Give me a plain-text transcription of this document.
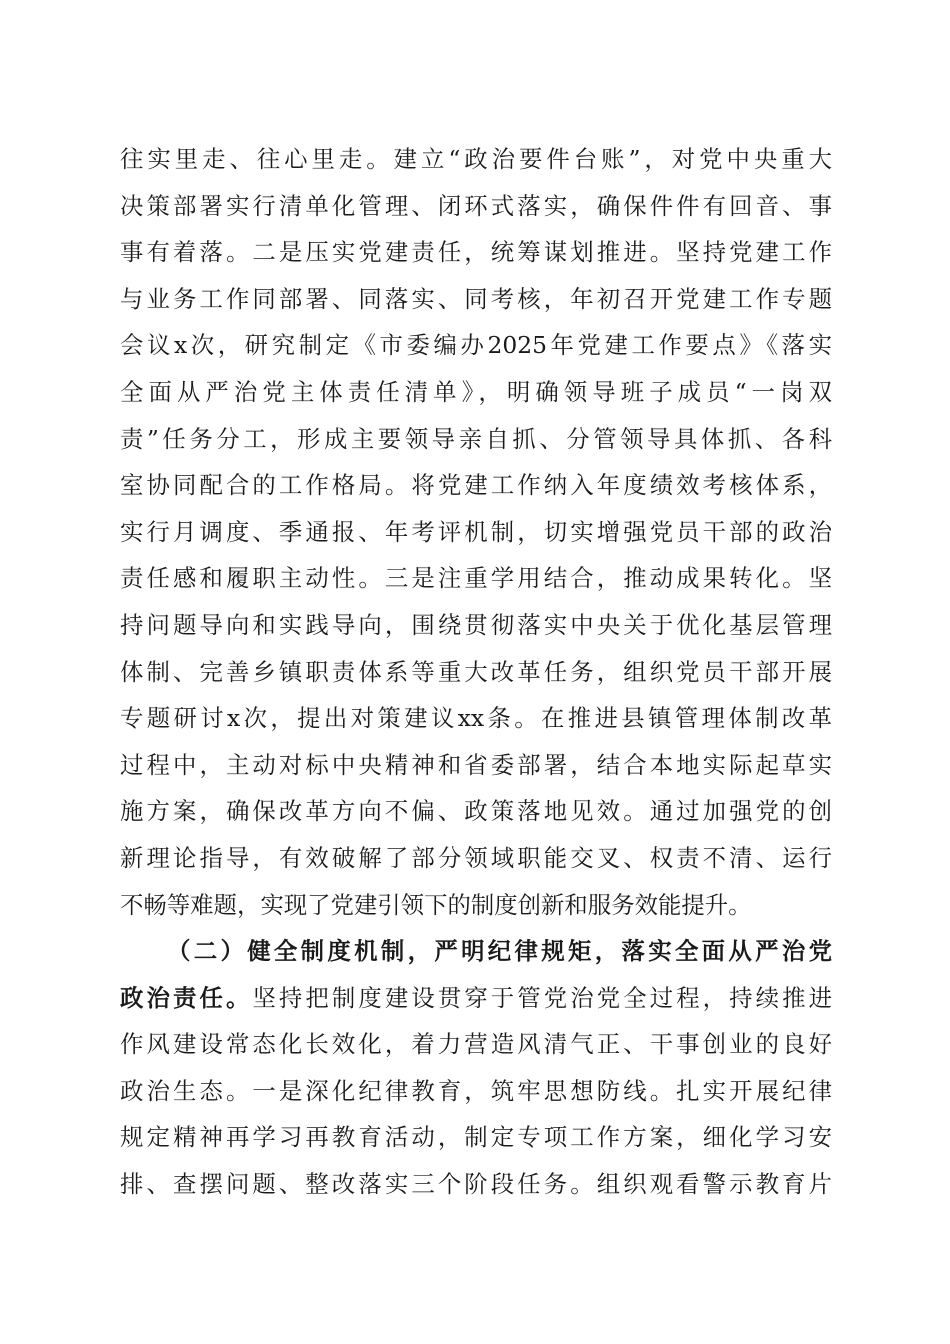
往实里走、往心里走。建立“政治要件台账”，对党中央重大
决策部署实行清单化管理、闭环式落实，确保件件有回音、事
事有着落。二是压实党建责任，统筹谋划推进。坚持党建工作
与业务工作同部署、同落实、同考核，年初召开党建工作专题
会议x次，研究制定《市委编办2025年党建工作要点》《落实
全面从严治党主体责任清单》，明确领导班子成员“一岗双
责”任务分工，形成主要领导亲自抓、分管领导具体抓、各科
室协同配合的工作格局。将党建工作纳入年度绩效考核体系，
实行月调度、季通报、年考评机制，切实增强党员干部的政治
责任感和履职主动性。三是注重学用结合，推动成果转化。坚
持问题导向和实践导向，围绕贯彻落实中央关于优化基层管理
体制、完善乡镇职责体系等重大改革任务，组织党员干部开展
专题研讨x次，提出对策建议xx条。在推进县镇管理体制改革
过程中，主动对标中央精神和省委部署，结合本地实际起草实
施方案，确保改革方向不偏、政策落地见效。通过加强党的创
新理论指导，有效破解了部分领域职能交叉、权责不清、运行
不畅等难题，实现了党建引领下的制度创新和服务效能提升。
（二）健全制度机制，严明纪律规矩，落实全面从严治党
政治责任。坚持把制度建设贯穿于管党治党全过程，持续推进
作风建设常态化长效化，着力营造风清气正、干事创业的良好
政治生态。一是深化纪律教育，筑牢思想防线。扎实开展纪律
规定精神再学习再教育活动，制定专项工作方案，细化学习安
排、查摆问题、整改落实三个阶段任务。组织观看警示教育片
